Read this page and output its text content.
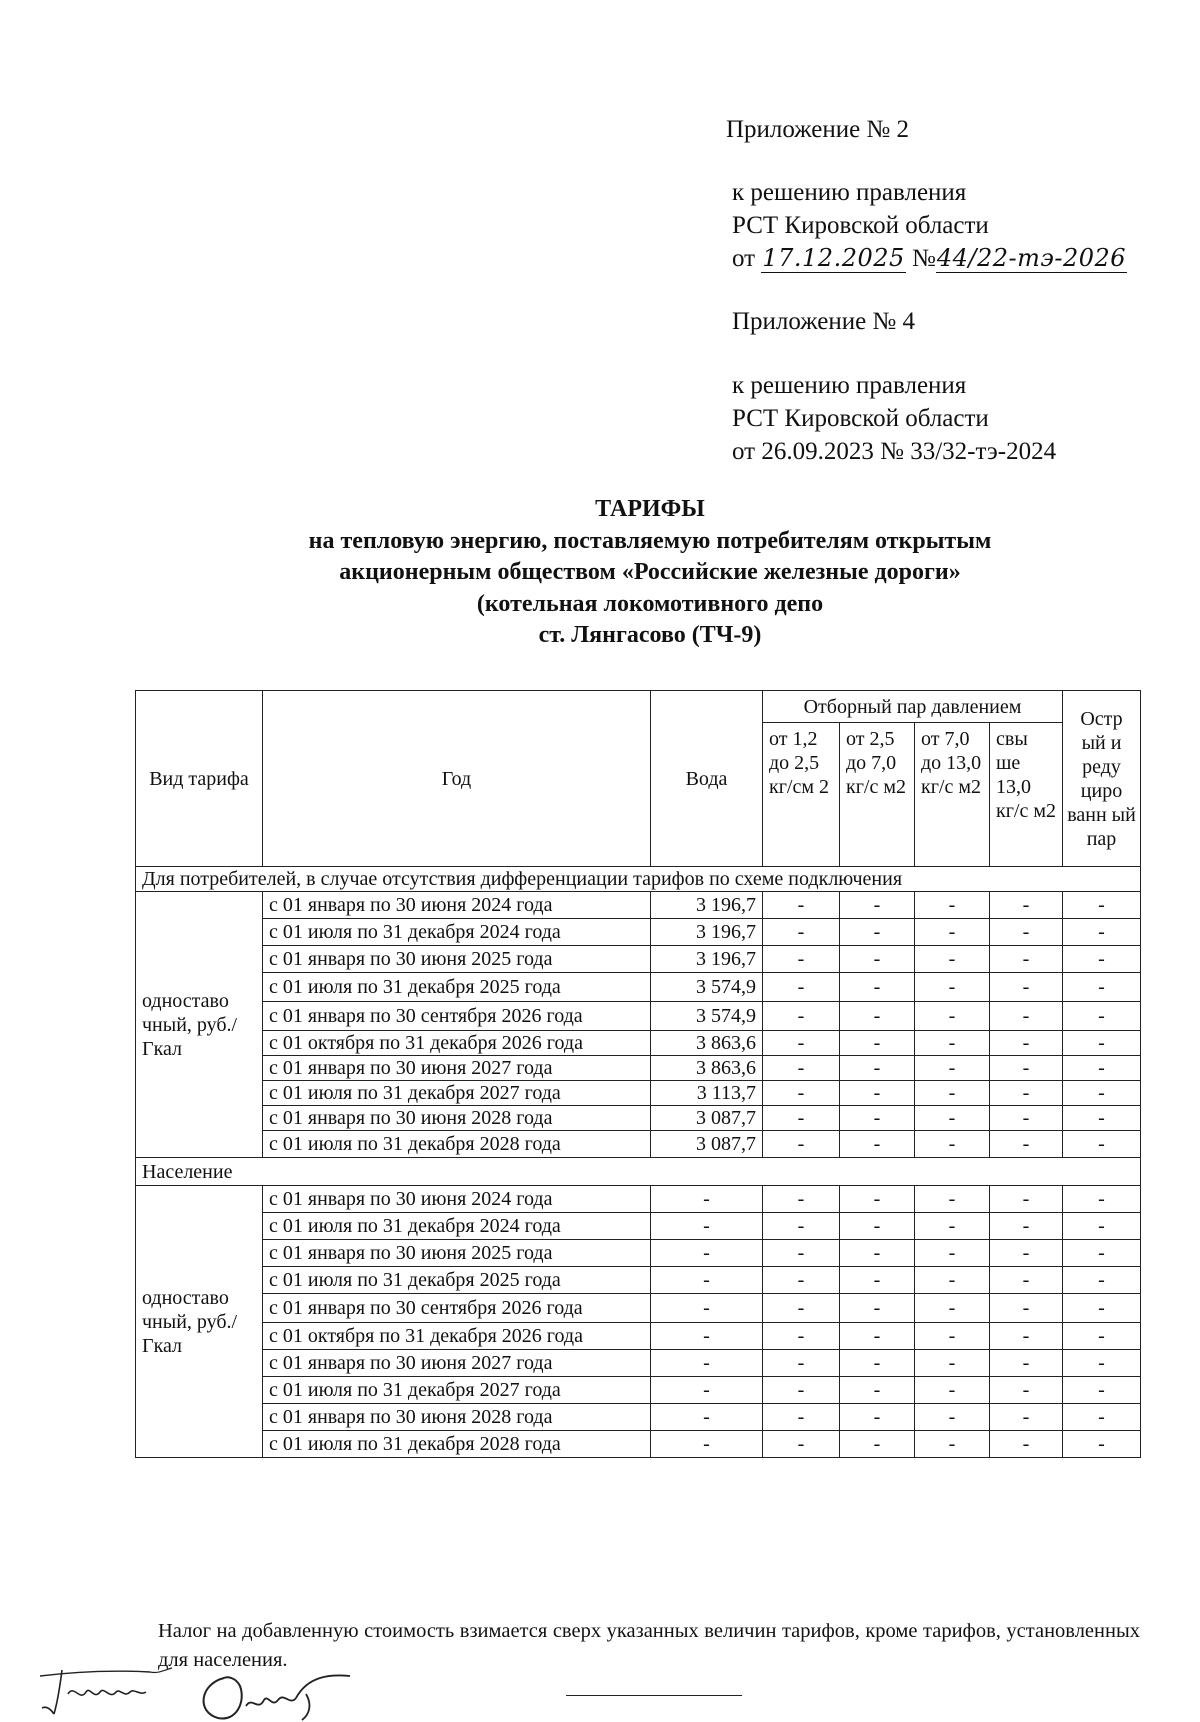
Приложение № 2
к решению правления
РСТ Кировской области
от 17.12.2025 №44/22-тэ-2026
Приложение № 4
к решению правления
РСТ Кировской области
от 26.09.2023 № 33/32-тэ-2024
ТАРИФЫ
на тепловую энергию, поставляемую потребителям открытым
акционерным обществом «Российские железные дороги»
(котельная локомотивного депо
ст. Лянгасово (ТЧ-9)
Вид тарифа	Год	Вода	Отборный пар давлением				Остр ый и реду циро ванн ый пар
			от 1,2 до 2,5 кг/см 2	от 2,5 до 7,0 кг/с м2	от 7,0 до 13,0 кг/с м2	свы ше 13,0 кг/с м2	
Для потребителей, в случае отсутствия дифференциации тарифов по схеме подключения							
одноставо чный, руб./Гкал	с 01 января по 30 июня 2024 года	3 196,7	-	-	-	-	-
	с 01 июля по 31 декабря 2024 года	3 196,7	-	-	-	-	-
	с 01 января по 30 июня 2025 года	3 196,7	-	-	-	-	-
	с 01 июля по 31 декабря 2025 года	3 574,9	-	-	-	-	-
	с 01 января по 30 сентября 2026 года	3 574,9	-	-	-	-	-
	с 01 октября по 31 декабря 2026 года	3 863,6	-	-	-	-	-
	с 01 января по 30 июня 2027 года	3 863,6	-	-	-	-	-
	с 01 июля по 31 декабря 2027 года	3 113,7	-	-	-	-	-
	с 01 января по 30 июня 2028 года	3 087,7	-	-	-	-	-
	с 01 июля по 31 декабря 2028 года	3 087,7	-	-	-	-	-
Население							
одноставо чный, руб./Гкал	с 01 января по 30 июня 2024 года	-	-	-	-	-	-
	с 01 июля по 31 декабря 2024 года	-	-	-	-	-	-
	с 01 января по 30 июня 2025 года	-	-	-	-	-	-
	с 01 июля по 31 декабря 2025 года	-	-	-	-	-	-
	с 01 января по 30 сентября 2026 года	-	-	-	-	-	-
	с 01 октября по 31 декабря 2026 года	-	-	-	-	-	-
	с 01 января по 30 июня 2027 года	-	-	-	-	-	-
	с 01 июля по 31 декабря 2027 года	-	-	-	-	-	-
	с 01 января по 30 июня 2028 года	-	-	-	-	-	-
	с 01 июля по 31 декабря 2028 года	-	-	-	-	-	-
Налог на добавленную стоимость взимается сверх указанных величин тарифов, кроме тарифов, установленных для населения.
